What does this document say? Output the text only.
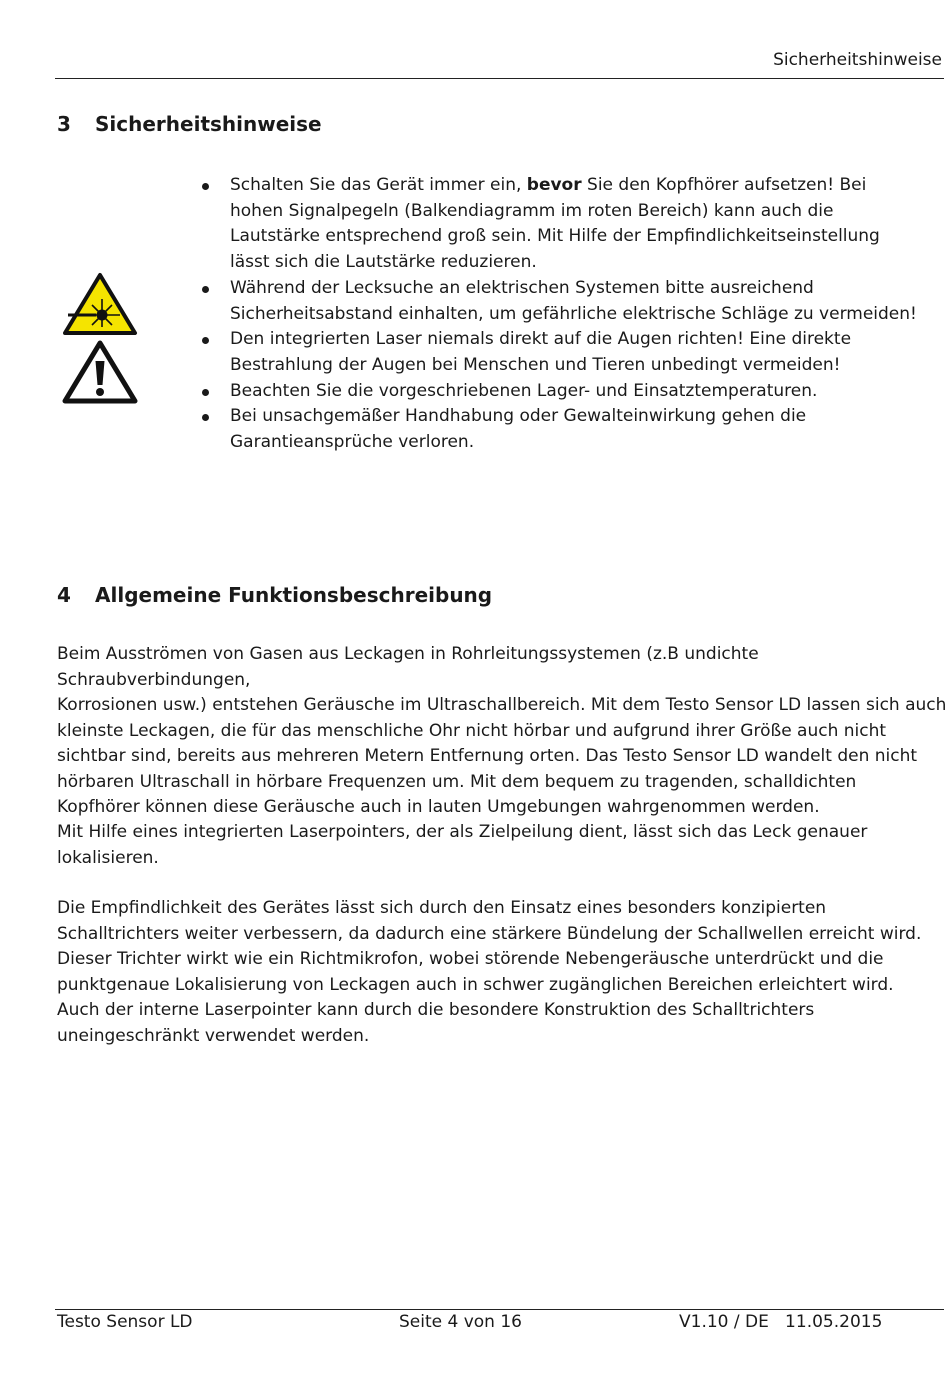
Sicherheitshinweise
3 Sicherheitshinweise
Schalten Sie das Gerät immer ein, bevor Sie den Kopfhörer aufsetzen! Bei hohen Signalpegeln (Balkendiagramm im roten Bereich) kann auch die Lautstärke entsprechend groß sein. Mit Hilfe der Empfindlichkeitseinstellung lässt sich die Lautstärke reduzieren.
Während der Lecksuche an elektrischen Systemen bitte ausreichend Sicherheitsabstand einhalten, um gefährliche elektrische Schläge zu vermeiden!
Den integrierten Laser niemals direkt auf die Augen richten! Eine direkte Bestrahlung der Augen bei Menschen und Tieren unbedingt vermeiden!
Beachten Sie die vorgeschriebenen Lager- und Einsatztemperaturen.
Bei unsachgemäßer Handhabung oder Gewalteinwirkung gehen die Garantieansprüche verloren.
4 Allgemeine Funktionsbeschreibung

Beim Ausströmen von Gasen aus Leckagen in Rohrleitungssystemen (z.B undichte Schraubverbindungen,
Korrosionen usw.) entstehen Geräusche im Ultraschallbereich. Mit dem Testo Sensor LD lassen sich auch
kleinste Leckagen, die für das menschliche Ohr nicht hörbar und aufgrund ihrer Größe auch nicht
sichtbar sind, bereits aus mehreren Metern Entfernung orten. Das Testo Sensor LD wandelt den nicht
hörbaren Ultraschall in hörbare Frequenzen um. Mit dem bequem zu tragenden, schalldichten
Kopfhörer können diese Geräusche auch in lauten Umgebungen wahrgenommen werden.

Mit Hilfe eines integrierten Laserpointers, der als Zielpeilung dient, lässt sich das Leck genauer
lokalisieren.

Die Empfindlichkeit des Gerätes lässt sich durch den Einsatz eines besonders konzipierten
Schalltrichters weiter verbessern, da dadurch eine stärkere Bündelung der Schallwellen erreicht wird.
Dieser Trichter wirkt wie ein Richtmikrofon, wobei störende Nebengeräusche unterdrückt und die
punktgenaue Lokalisierung von Leckagen auch in schwer zugänglichen Bereichen erleichtert wird.
Auch der interne Laserpointer kann durch die besondere Konstruktion des Schalltrichters
uneingeschränkt verwendet werden.

Testo Sensor LD	Seite 4 von 16	V1.10 / DE   11.05.2015
